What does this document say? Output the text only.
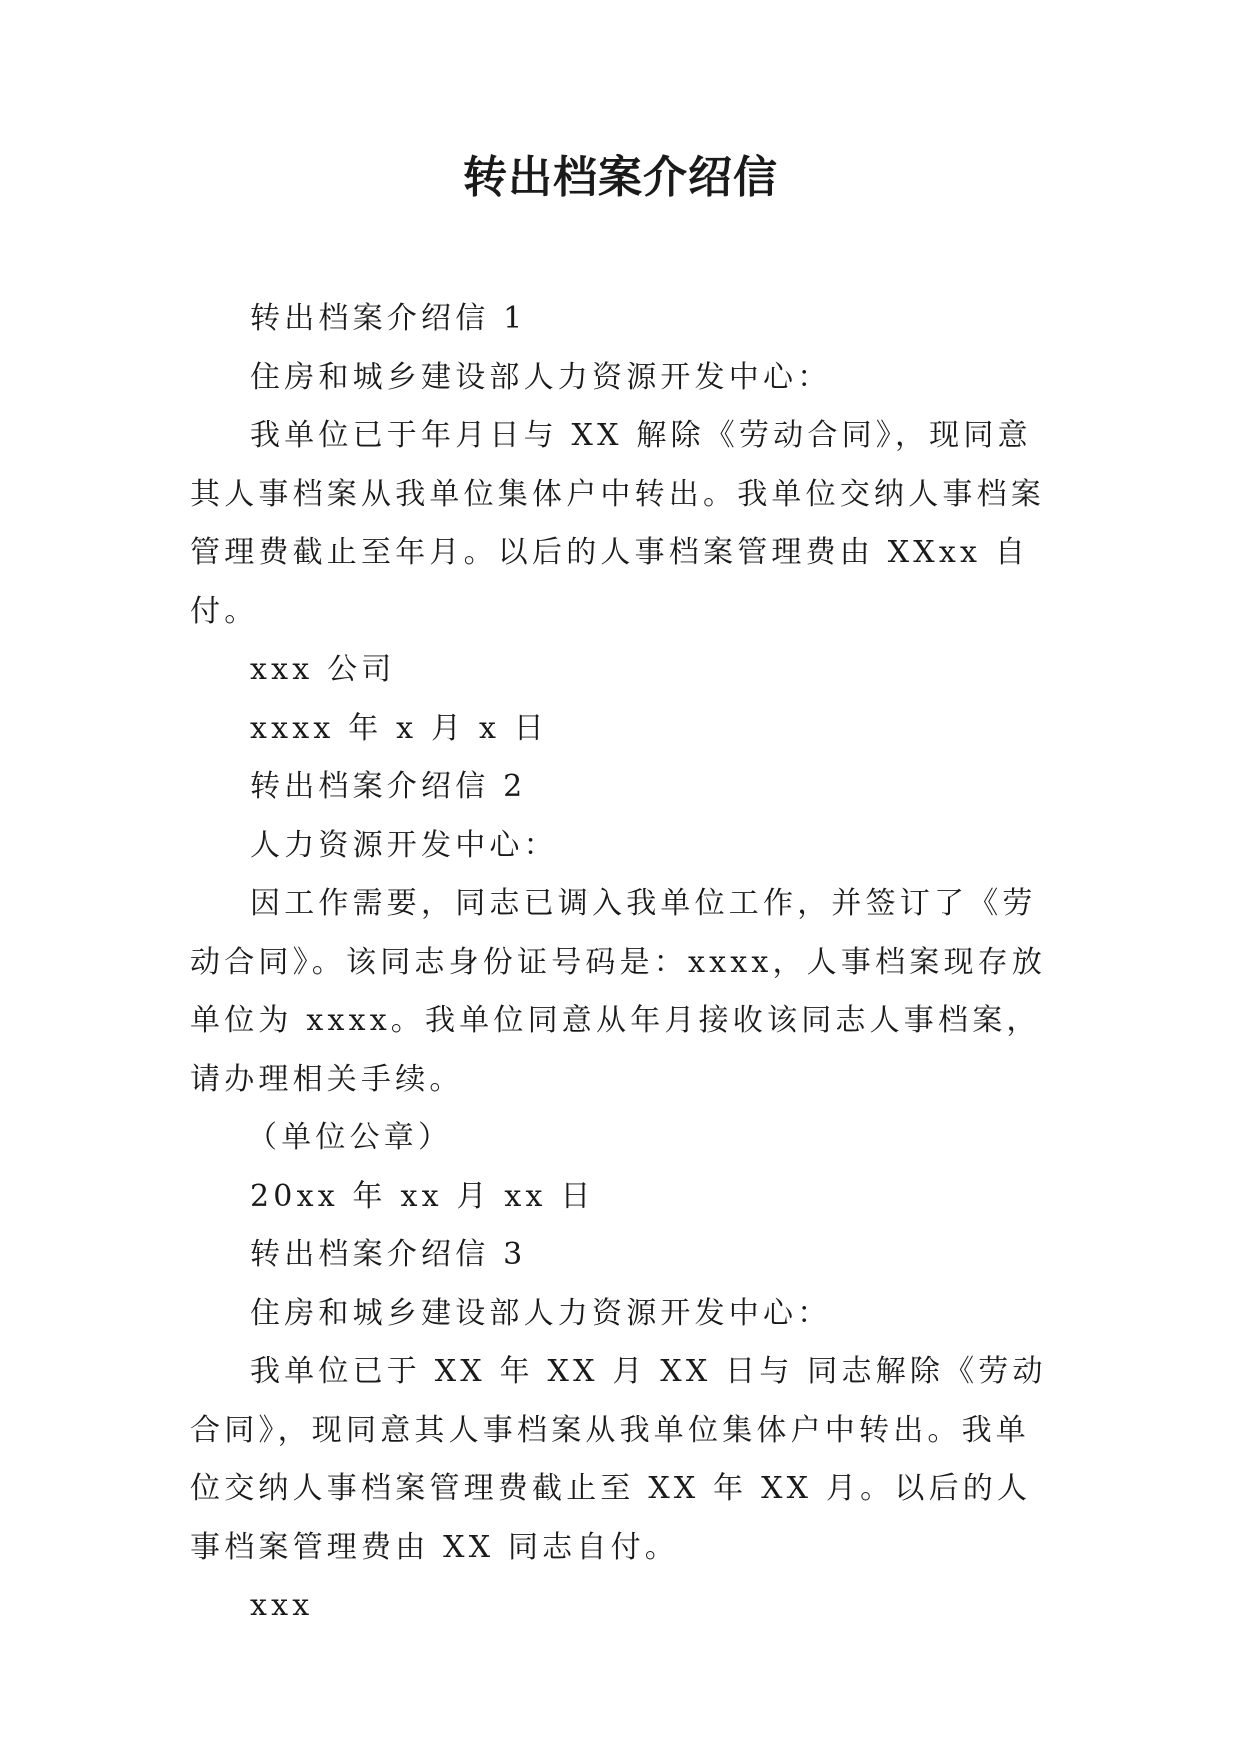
转出档案介绍信

转出档案介绍信 1

住房和城乡建设部人力资源开发中心：

我单位已于年月日与 XX 解除《劳动合同》，现同意其人事档案从我单位集体户中转出。我单位交纳人事档案管理费截止至年月。以后的人事档案管理费由 XXxx 自付。

xxx 公司

xxxx 年 x 月 x 日

转出档案介绍信 2

人力资源开发中心：

因工作需要，同志已调入我单位工作，并签订了《劳动合同》。该同志身份证号码是：xxxx，人事档案现存放单位为 xxxx。我单位同意从年月接收该同志人事档案，请办理相关手续。

（单位公章）

20xx 年 xx 月 xx 日

转出档案介绍信 3

住房和城乡建设部人力资源开发中心：

我单位已于 XX 年 XX 月 XX 日与 同志解除《劳动合同》，现同意其人事档案从我单位集体户中转出。我单位交纳人事档案管理费截止至 XX 年 XX 月。以后的人事档案管理费由 XX 同志自付。

xxx
